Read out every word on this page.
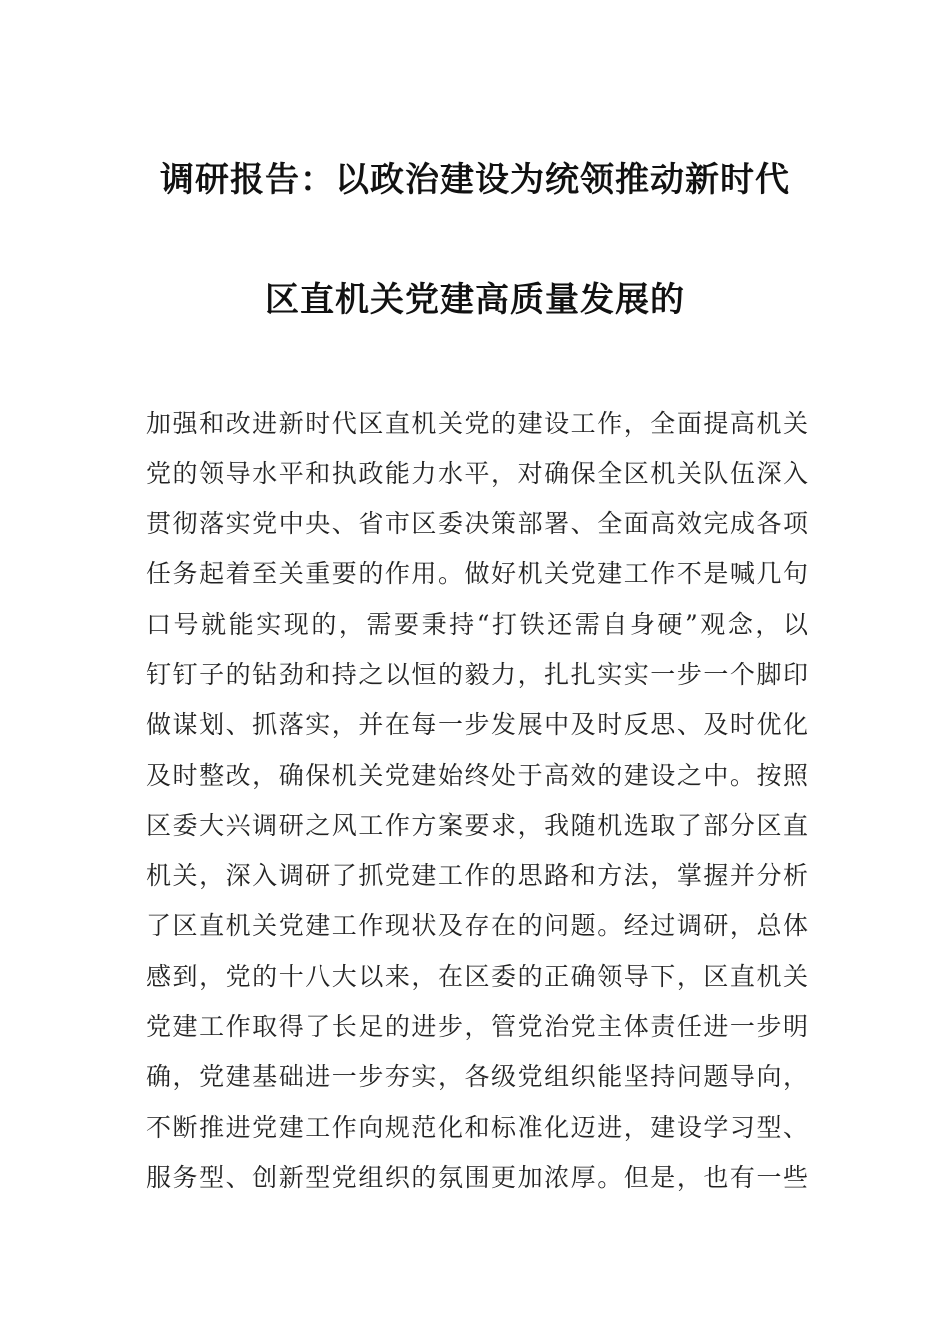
调研报告：以政治建设为统领推动新时代
区直机关党建高质量发展的
加强和改进新时代区直机关党的建设工作，全面提高机关
党的领导水平和执政能力水平，对确保全区机关队伍深入
贯彻落实党中央、省市区委决策部署、全面高效完成各项
任务起着至关重要的作用。做好机关党建工作不是喊几句
口号就能实现的，需要秉持“打铁还需自身硬”观念，以
钉钉子的钻劲和持之以恒的毅力，扎扎实实一步一个脚印
做谋划、抓落实，并在每一步发展中及时反思、及时优化
及时整改，确保机关党建始终处于高效的建设之中。按照
区委大兴调研之风工作方案要求，我随机选取了部分区直
机关，深入调研了抓党建工作的思路和方法，掌握并分析
了区直机关党建工作现状及存在的问题。经过调研，总体
感到，党的十八大以来，在区委的正确领导下，区直机关
党建工作取得了长足的进步，管党治党主体责任进一步明
确，党建基础进一步夯实，各级党组织能坚持问题导向，
不断推进党建工作向规范化和标准化迈进，建设学习型、
服务型、创新型党组织的氛围更加浓厚。但是，也有一些
